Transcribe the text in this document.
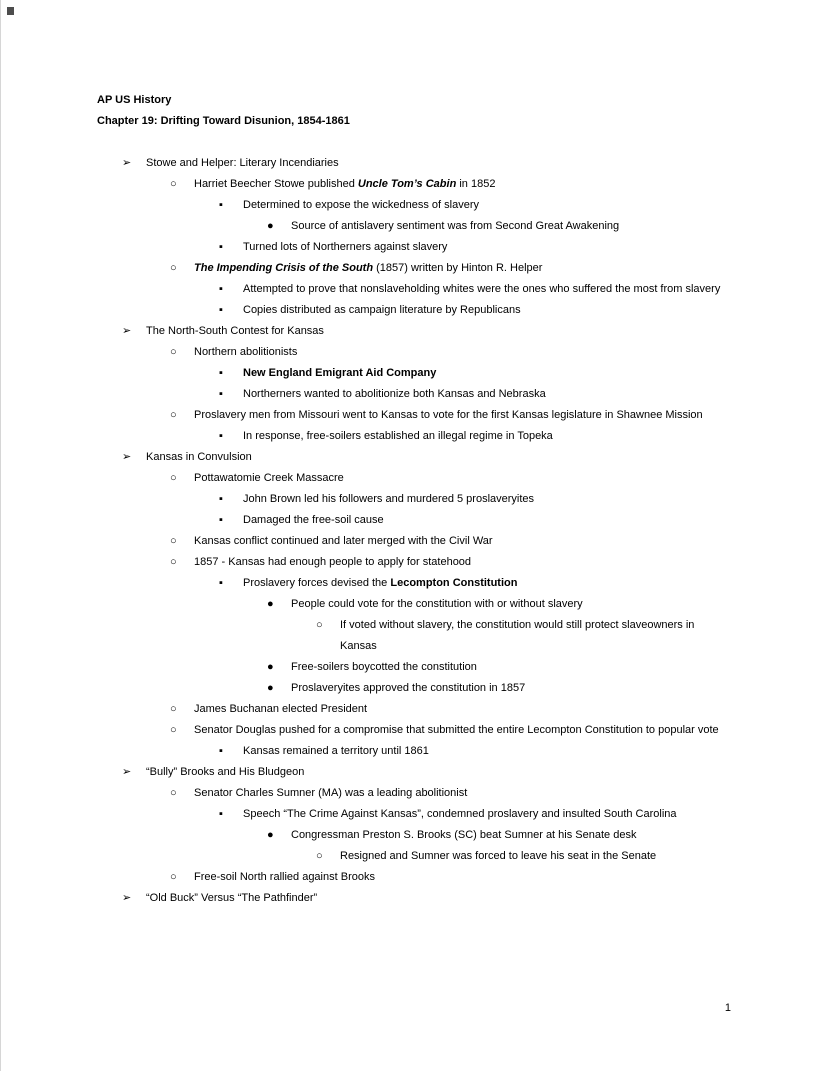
AP US History
Chapter 19: Drifting Toward Disunion, 1854-1861
➢ Stowe and Helper: Literary Incendiaries
○ Harriet Beecher Stowe published Uncle Tom’s Cabin in 1852
▪ Determined to expose the wickedness of slavery
● Source of antislavery sentiment was from Second Great Awakening
▪ Turned lots of Northerners against slavery
○ The Impending Crisis of the South (1857) written by Hinton R. Helper
▪ Attempted to prove that nonslaveholding whites were the ones who suffered the most from slavery
▪ Copies distributed as campaign literature by Republicans
➢ The North-South Contest for Kansas
○ Northern abolitionists
▪ New England Emigrant Aid Company
▪ Northerners wanted to abolitionize both Kansas and Nebraska
○ Proslavery men from Missouri went to Kansas to vote for the first Kansas legislature in Shawnee Mission
▪ In response, free-soilers established an illegal regime in Topeka
➢ Kansas in Convulsion
○ Pottawatomie Creek Massacre
▪ John Brown led his followers and murdered 5 proslaveryites
▪ Damaged the free-soil cause
○ Kansas conflict continued and later merged with the Civil War
○ 1857 - Kansas had enough people to apply for statehood
▪ Proslavery forces devised the Lecompton Constitution
● People could vote for the constitution with or without slavery
○ If voted without slavery, the constitution would still protect slaveowners in Kansas
● Free-soilers boycotted the constitution
● Proslaveryites approved the constitution in 1857
○ James Buchanan elected President
○ Senator Douglas pushed for a compromise that submitted the entire Lecompton Constitution to popular vote
▪ Kansas remained a territory until 1861
➢ “Bully” Brooks and His Bludgeon
○ Senator Charles Sumner (MA) was a leading abolitionist
▪ Speech “The Crime Against Kansas”, condemned proslavery and insulted South Carolina
● Congressman Preston S. Brooks (SC) beat Sumner at his Senate desk
○ Resigned and Sumner was forced to leave his seat in the Senate
○ Free-soil North rallied against Brooks
➢ “Old Buck” Versus “The Pathfinder”
1
